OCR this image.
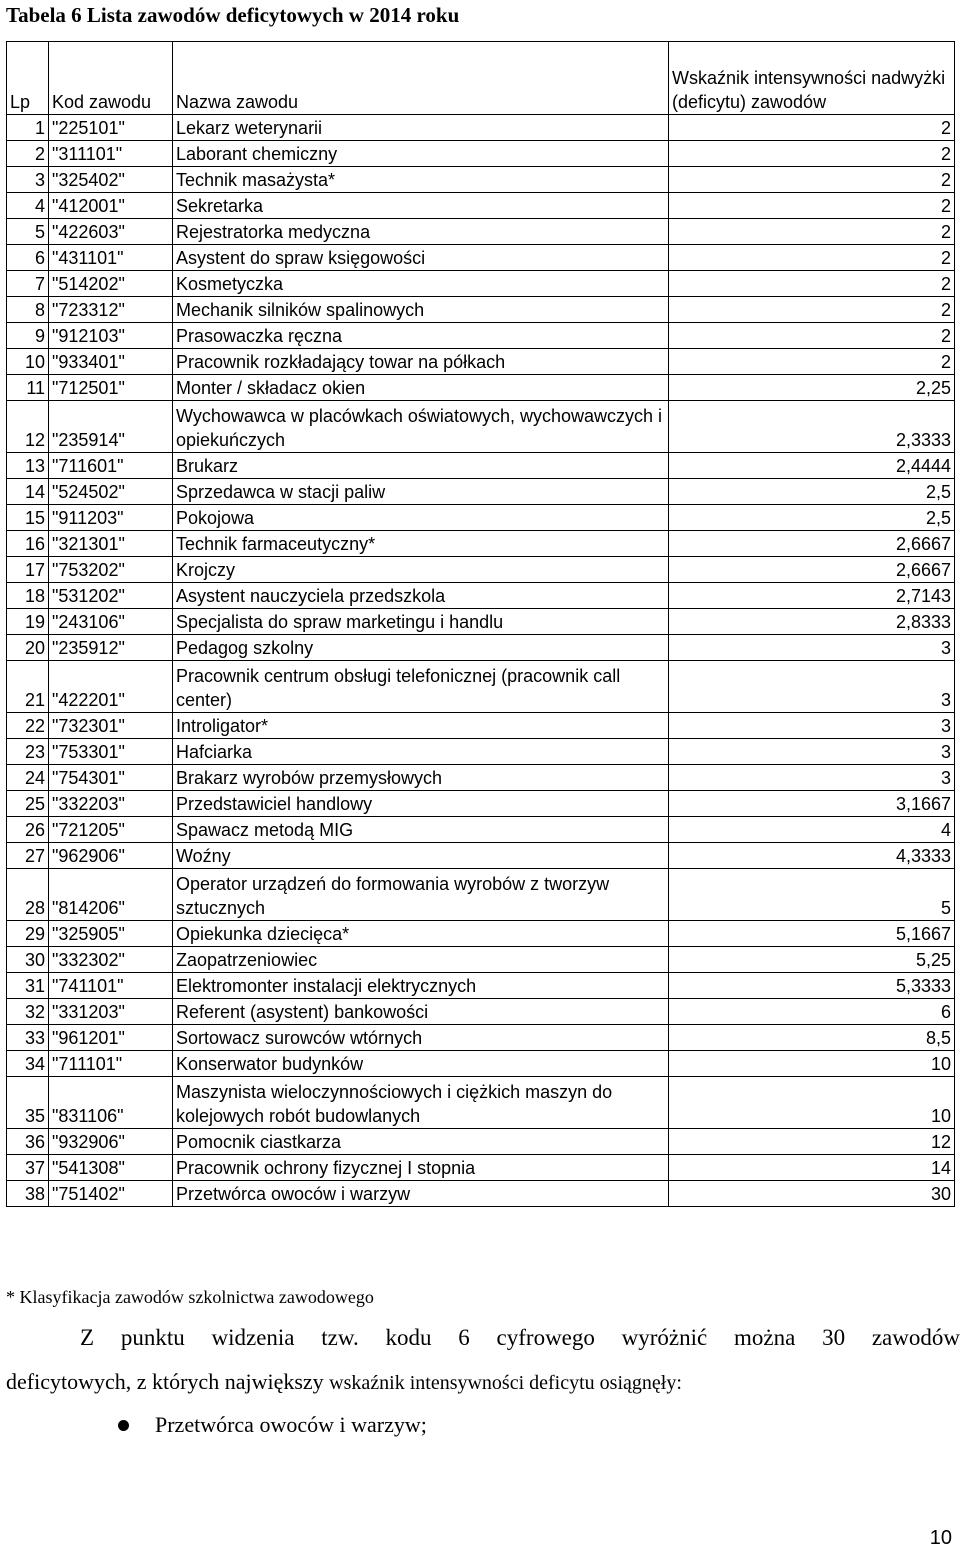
Tabela 6 Lista zawodów deficytowych w 2014 roku
Lp	Kod zawodu	Nazwa zawodu	Wskaźnik intensywności nadwyżki (deficytu) zawodów
1	"225101"	Lekarz weterynarii	2
2	"311101"	Laborant chemiczny	2
3	"325402"	Technik masażysta*	2
4	"412001"	Sekretarka	2
5	"422603"	Rejestratorka medyczna	2
6	"431101"	Asystent do spraw księgowości	2
7	"514202"	Kosmetyczka	2
8	"723312"	Mechanik silników spalinowych	2
9	"912103"	Prasowaczka ręczna	2
10	"933401"	Pracownik rozkładający towar na półkach	2
11	"712501"	Monter / składacz okien	2,25
12	"235914"	Wychowawca w placówkach oświatowych, wychowawczych i opiekuńczych	2,3333
13	"711601"	Brukarz	2,4444
14	"524502"	Sprzedawca w stacji paliw	2,5
15	"911203"	Pokojowa	2,5
16	"321301"	Technik farmaceutyczny*	2,6667
17	"753202"	Krojczy	2,6667
18	"531202"	Asystent nauczyciela przedszkola	2,7143
19	"243106"	Specjalista do spraw marketingu i handlu	2,8333
20	"235912"	Pedagog szkolny	3
21	"422201"	Pracownik centrum obsługi telefonicznej (pracownik call center)	3
22	"732301"	Introligator*	3
23	"753301"	Hafciarka	3
24	"754301"	Brakarz wyrobów przemysłowych	3
25	"332203"	Przedstawiciel handlowy	3,1667
26	"721205"	Spawacz metodą MIG	4
27	"962906"	Woźny	4,3333
28	"814206"	Operator urządzeń do formowania wyrobów z tworzyw sztucznych	5
29	"325905"	Opiekunka dziecięca*	5,1667
30	"332302"	Zaopatrzeniowiec	5,25
31	"741101"	Elektromonter instalacji elektrycznych	5,3333
32	"331203"	Referent (asystent) bankowości	6
33	"961201"	Sortowacz surowców wtórnych	8,5
34	"711101"	Konserwator budynków	10
35	"831106"	Maszynista wieloczynnościowych i ciężkich maszyn do kolejowych robót budowlanych	10
36	"932906"	Pomocnik ciastkarza	12
37	"541308"	Pracownik ochrony fizycznej I stopnia	14
38	"751402"	Przetwórca owoców i warzyw	30
* Klasyfikacja zawodów szkolnictwa zawodowego
Z punktu widzenia tzw. kodu 6 cyfrowego wyróżnić można 30 zawodów
deficytowych, z których największy wskaźnik intensywności deficytu osiągnęły:
Przetwórca owoców i warzyw;
10
